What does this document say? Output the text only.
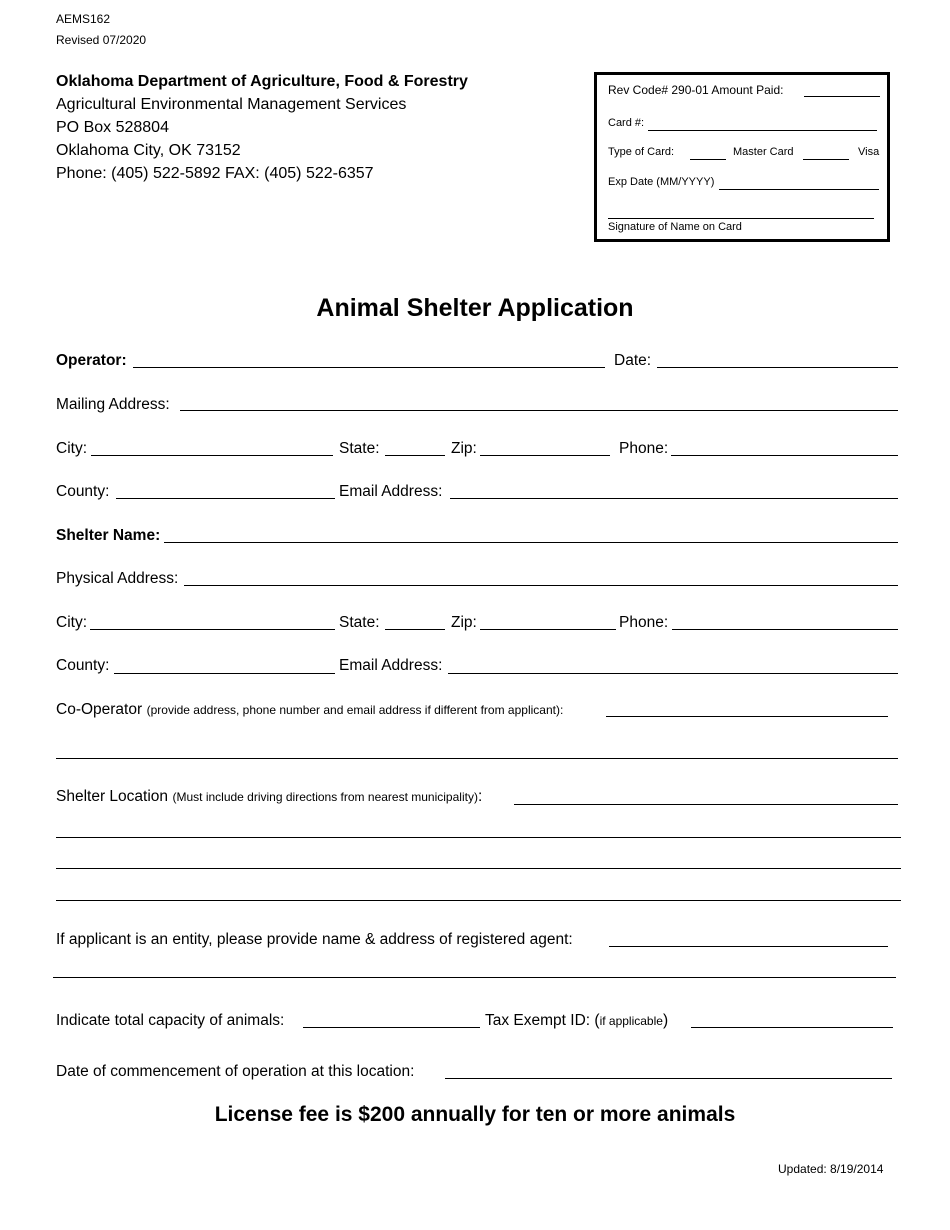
AEMS162
Revised 07/2020
Oklahoma Department of Agriculture, Food & Forestry
Agricultural Environmental Management Services
PO Box 528804
Oklahoma City, OK 73152
Phone: (405) 522-5892 FAX: (405) 522-6357
Rev Code# 290-01 Amount Paid:
Card #:
Type of Card:	Master Card	Visa
Exp Date (MM/YYYY)
Signature of Name on Card
Animal Shelter Application
Operator:	Date:
Mailing Address:
City:	State:	Zip:	Phone:
County:	Email Address:
Shelter Name:
Physical Address:
City:	State:	Zip:	Phone:
County:	Email Address:
Co-Operator (provide address, phone number and email address if different from applicant):
Shelter Location (Must include driving directions from nearest municipality):
If applicant is an entity, please provide name & address of registered agent:
Indicate total capacity of animals:	Tax Exempt ID: (if applicable)
Date of commencement of operation at this location:
License fee is $200 annually for ten or more animals
Updated: 8/19/2014
